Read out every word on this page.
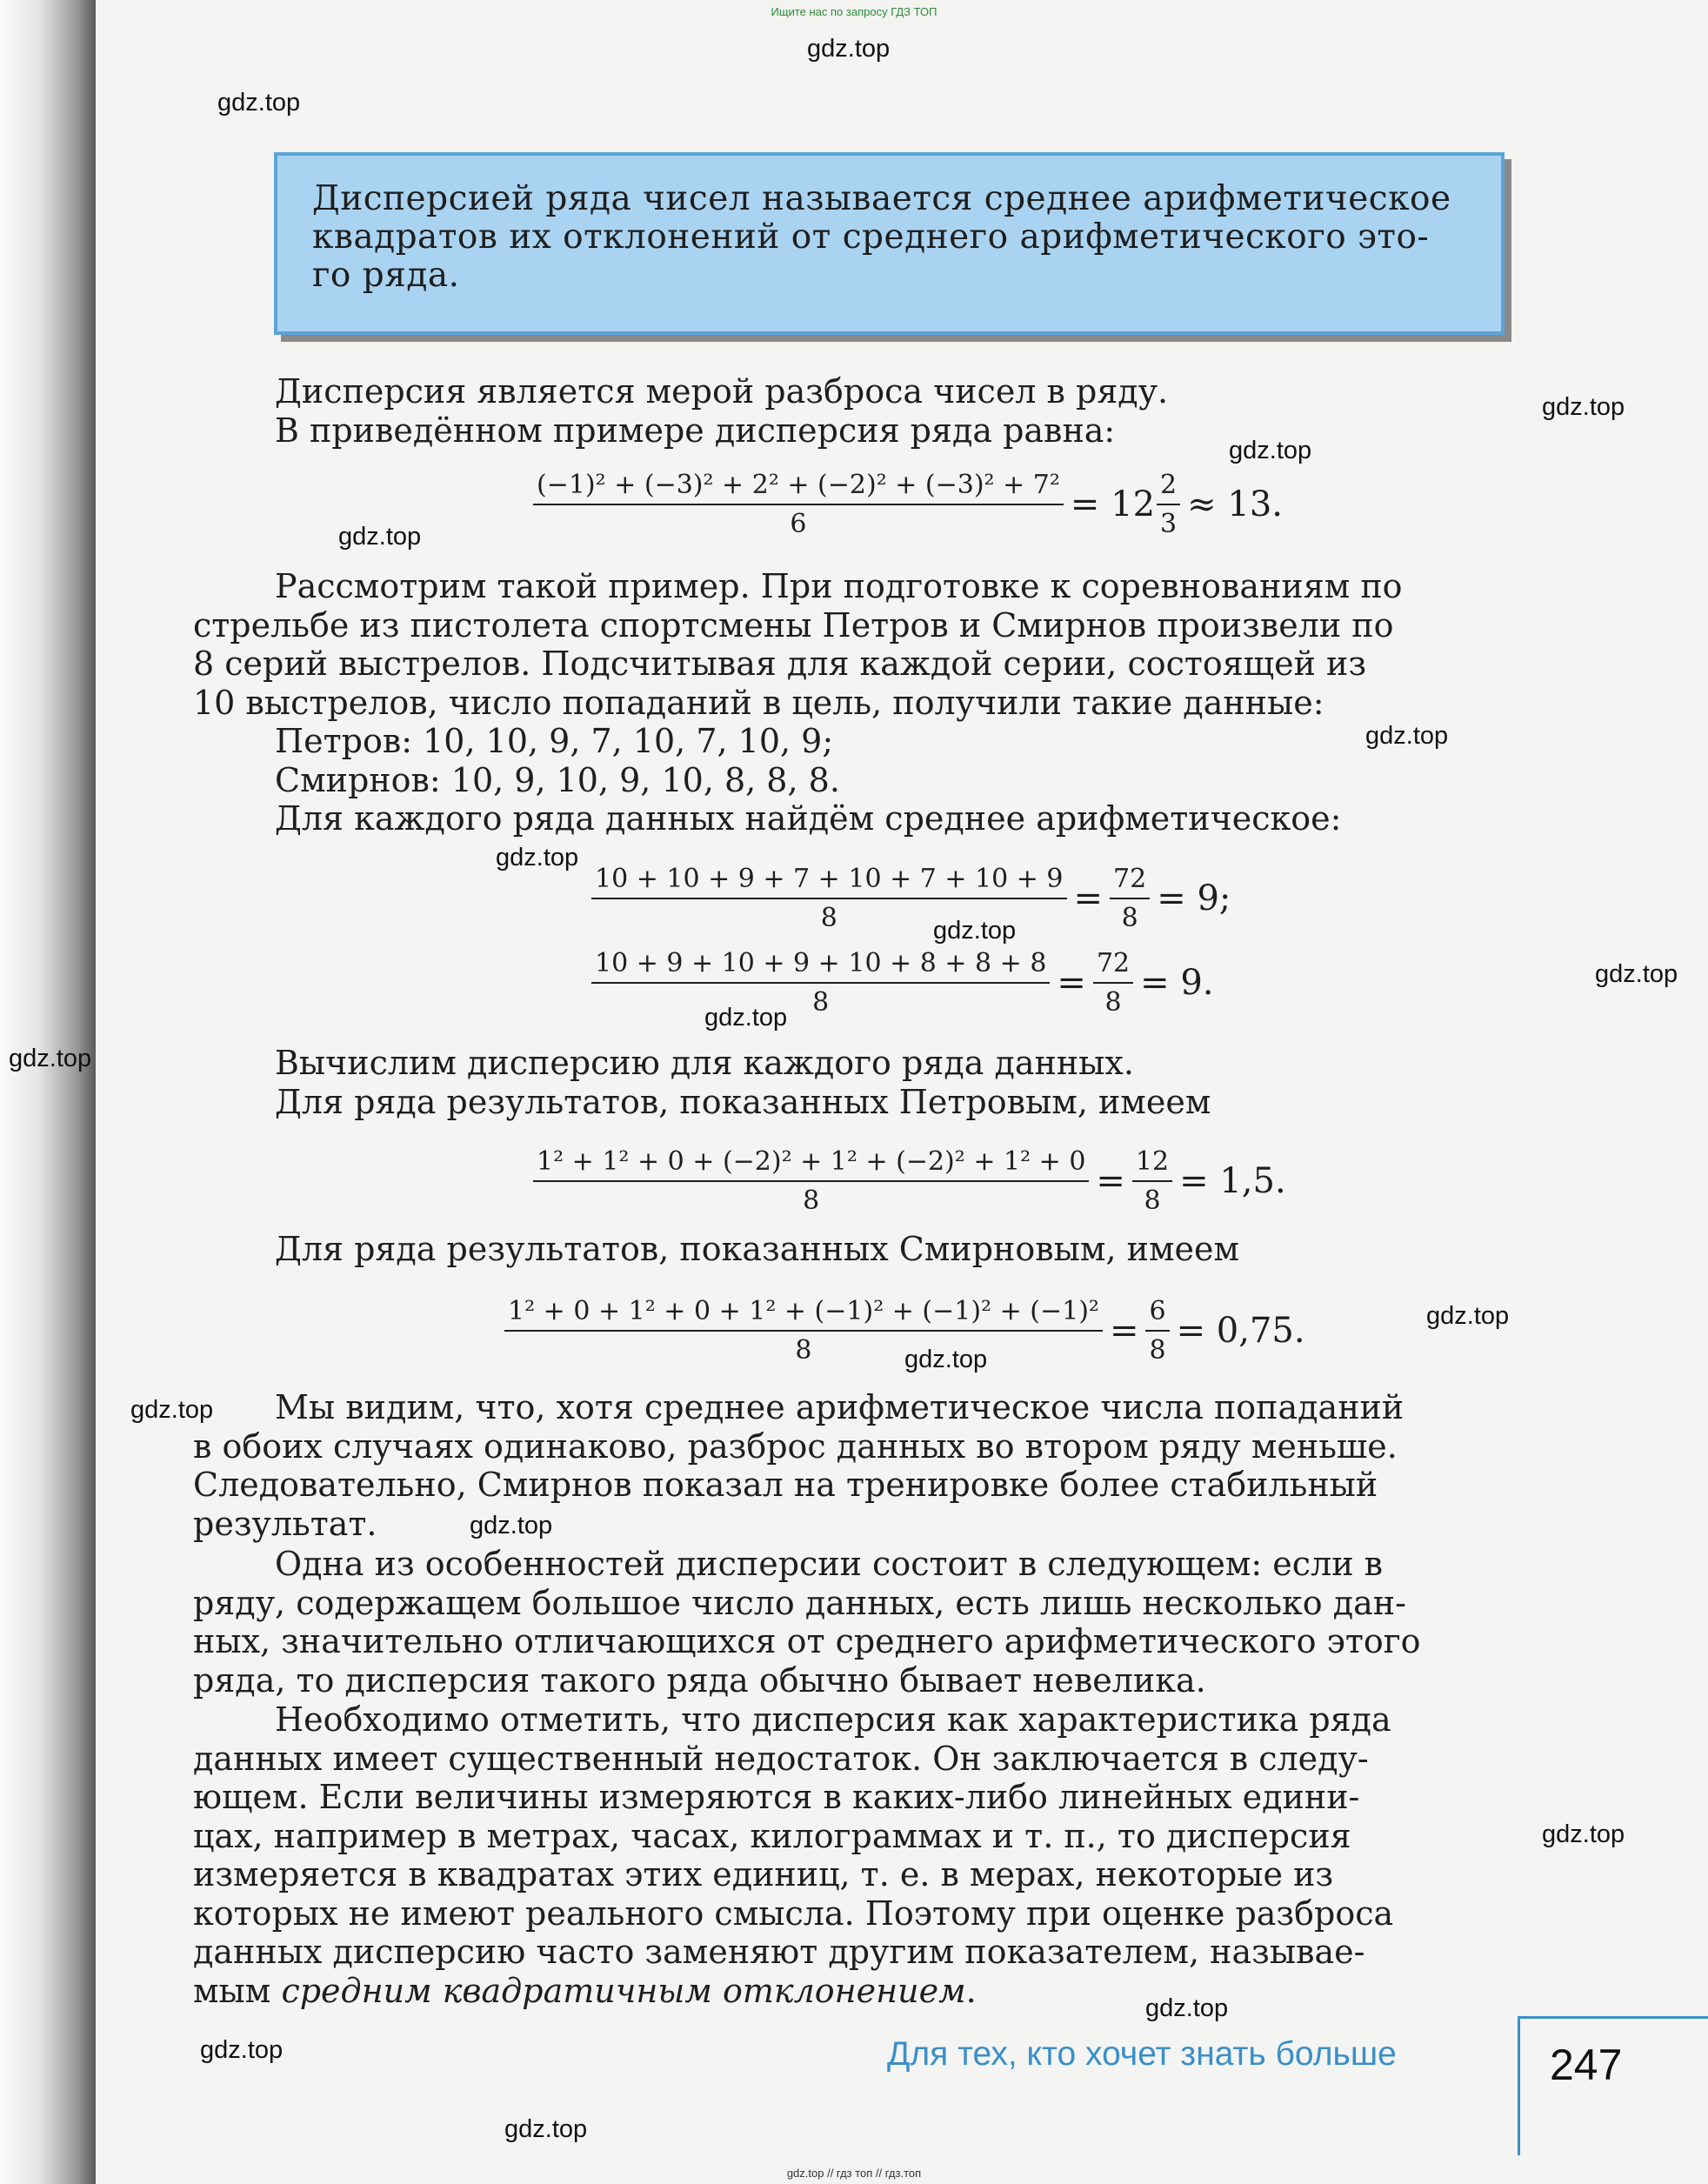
Ищите нас по запросу ГДЗ ТОП
gdz.top
gdz.top
gdz.top
gdz.top
gdz.top
gdz.top
gdz.top
gdz.top
gdz.top
gdz.top
gdz.top
gdz.top
gdz.top
gdz.top
gdz.top
gdz.top
gdz.top
gdz.top
gdz.top
Дисперсией ряда чисел называется среднее арифметическое
квадратов их отклонений от среднего арифметического это-
го ряда.
Дисперсия является мерой разброса чисел в ряду.
В приведённом примере дисперсия ряда равна:
$\frac{\text{(−1)² + (−3)² + 2² + (−2)² + (−3)² + 7²}}{6} = 12 \frac{2}{3} \approx 13$.
Рассмотрим такой пример. При подготовке к соревнованиям по
стрельбе из пистолета спортсмены Петров и Смирнов произвели по
8 серий выстрелов. Подсчитывая для каждой серии, состоящей из
10 выстрелов, число попаданий в цель, получили такие данные:
Петров: 10, 10, 9, 7, 10, 7, 10, 9;
Смирнов: 10, 9, 10, 9, 10, 8, 8, 8.
Для каждого ряда данных найдём среднее арифметическое:
$\frac{10 + 10 + 9 + 7 + 10 + 7 + 10 + 9}{8} = \frac{72}{8} = 9$;
$\frac{10 + 9 + 10 + 9 + 10 + 8 + 8 + 8}{8} = \frac{72}{8} = 9$.
Вычислим дисперсию для каждого ряда данных.
Для ряда результатов, показанных Петровым, имеем
$\frac{\text{1² + 1² + 0 + (−2)² + 1² + (−2)² + 1² + 0}}{8} = \frac{12}{8} = 1,5$.
Для ряда результатов, показанных Смирновым, имеем
$\frac{\text{1² + 0 + 1² + 0 + 1² + (−1)² + (−1)² + (−1)²}}{8} = \frac{6}{8} = 0,75$.
Мы видим, что, хотя среднее арифметическое числа попаданий
в обоих случаях одинаково, разброс данных во втором ряду меньше.
Следовательно, Смирнов показал на тренировке более стабильный
результат.
Одна из особенностей дисперсии состоит в следующем: если в
ряду, содержащем большое число данных, есть лишь несколько дан-
ных, значительно отличающихся от среднего арифметического этого
ряда, то дисперсия такого ряда обычно бывает невелика.
Необходимо отметить, что дисперсия как характеристика ряда
данных имеет существенный недостаток. Он заключается в следу-
ющем. Если величины измеряются в каких-либо линейных едини-
цах, например в метрах, часах, килограммах и т. п., то дисперсия
измеряется в квадратах этих единиц, т. е. в мерах, некоторые из
которых не имеют реального смысла. Поэтому при оценке разброса
данных дисперсию часто заменяют другим показателем, называе-
мым средним квадратичным отклонением.
Для тех, кто хочет знать больше	247
gdz.top // гдз топ // гдз.топ
